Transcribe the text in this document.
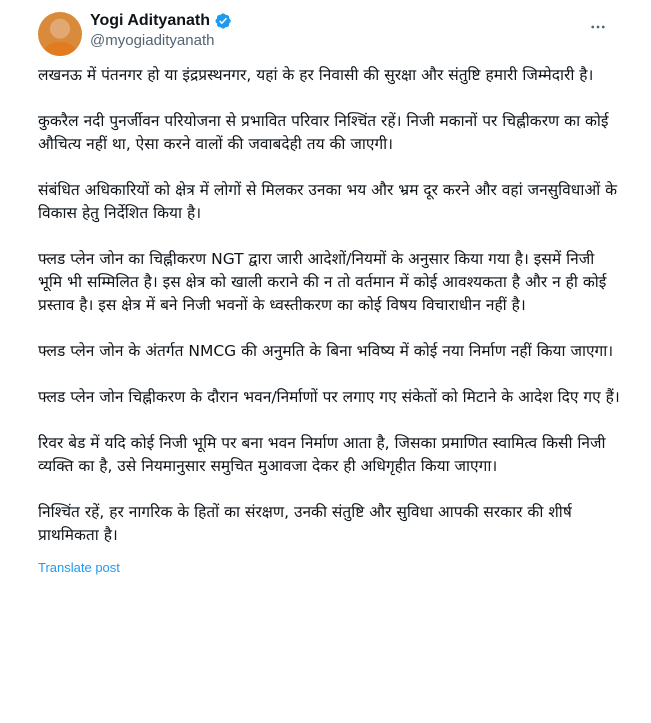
Yogi Adityanath
@myogiadityanath

लखनऊ में पंतनगर हो या इंद्रप्रस्थनगर, यहां के हर निवासी की सुरक्षा और संतुष्टि हमारी जिम्मेदारी है।

कुकरैल नदी पुनर्जीवन परियोजना से प्रभावित परिवार निश्चिंत रहें। निजी मकानों पर चिह्नीकरण का कोई औचित्य नहीं था, ऐसा करने वालों की जवाबदेही तय की जाएगी।

संबंधित अधिकारियों को क्षेत्र में लोगों से मिलकर उनका भय और भ्रम दूर करने और वहां जनसुविधाओं के विकास हेतु निर्देशित किया है।

फ्लड प्लेन जोन का चिह्नीकरण NGT द्वारा जारी आदेशों/नियमों के अनुसार किया गया है। इसमें निजी भूमि भी सम्मिलित है। इस क्षेत्र को खाली कराने की न तो वर्तमान में कोई आवश्यकता है और न ही कोई प्रस्ताव है। इस क्षेत्र में बने निजी भवनों के ध्वस्तीकरण का कोई विषय विचाराधीन नहीं है।

फ्लड प्लेन जोन के अंतर्गत NMCG की अनुमति के बिना भविष्य में कोई नया निर्माण नहीं किया जाएगा।

फ्लड प्लेन जोन चिह्नीकरण के दौरान भवन/निर्माणों पर लगाए गए संकेतों को मिटाने के आदेश दिए गए हैं।

रिवर बेड में यदि कोई निजी भूमि पर बना भवन निर्माण आता है, जिसका प्रमाणित स्वामित्व किसी निजी व्यक्ति का है, उसे नियमानुसार समुचित मुआवजा देकर ही अधिगृहीत किया जाएगा।

निश्चिंत रहें, हर नागरिक के हितों का संरक्षण, उनकी संतुष्टि और सुविधा आपकी सरकार की शीर्ष प्राथमिकता है।

Translate post
